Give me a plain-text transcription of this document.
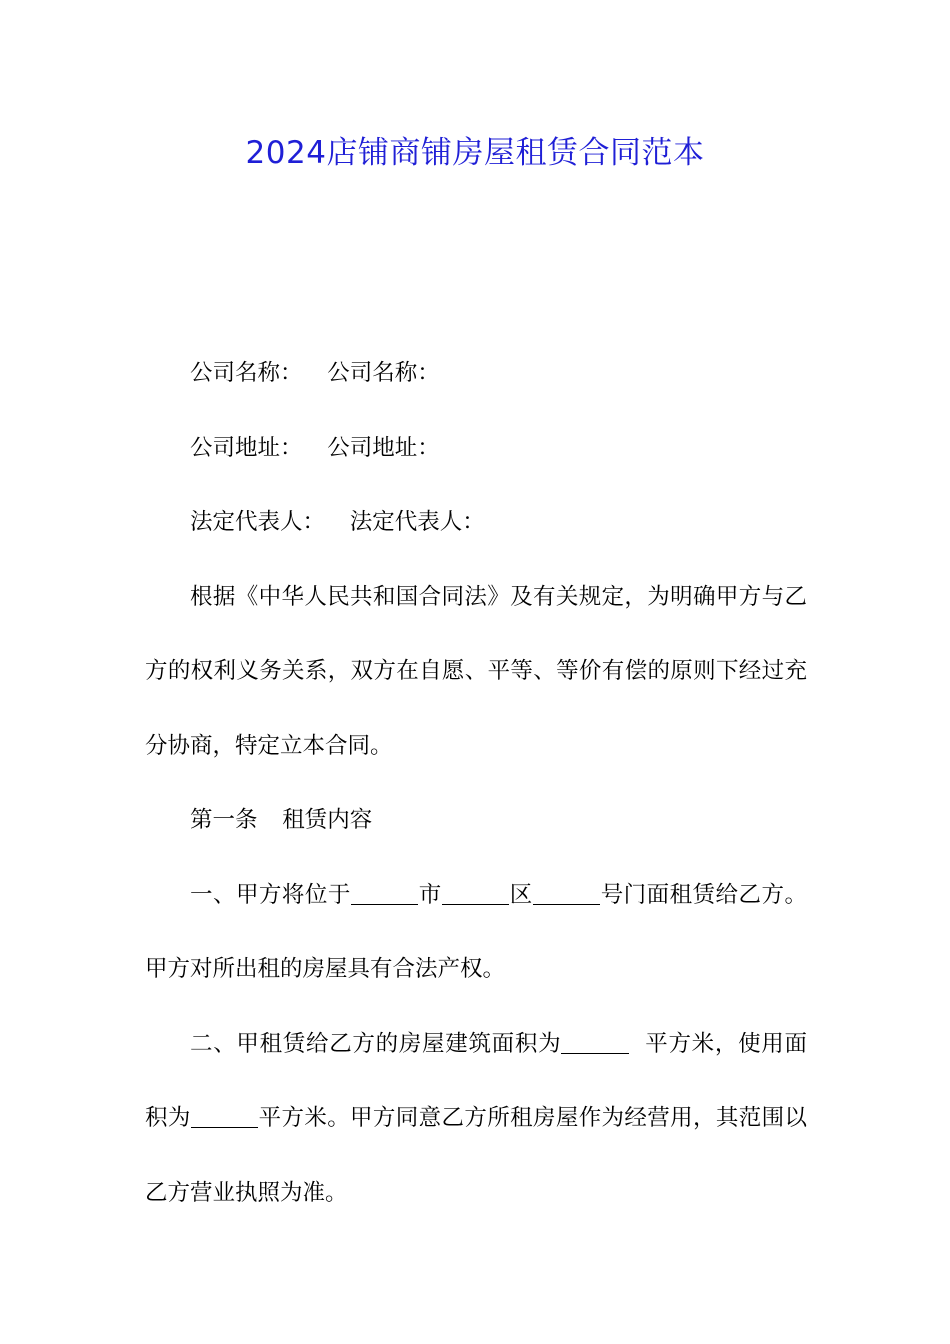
2024店铺商铺房屋租赁合同范本

公司名称： 公司名称：

公司地址： 公司地址：

法定代表人： 法定代表人：

根据《中华人民共和国合同法》及有关规定，为明确甲方与乙方的权利义务关系，双方在自愿、平等、等价有偿的原则下经过充分协商，特定立本合同。

第一条 租赁内容

一、甲方将位于	市	区	号门面租赁给乙方。甲方对所出租的房屋具有合法产权。

二、甲租赁给乙方的房屋建筑面积为	平方米，使用面积为	平方米。甲方同意乙方所租房屋作为经营用，其范围以乙方营业执照为准。
